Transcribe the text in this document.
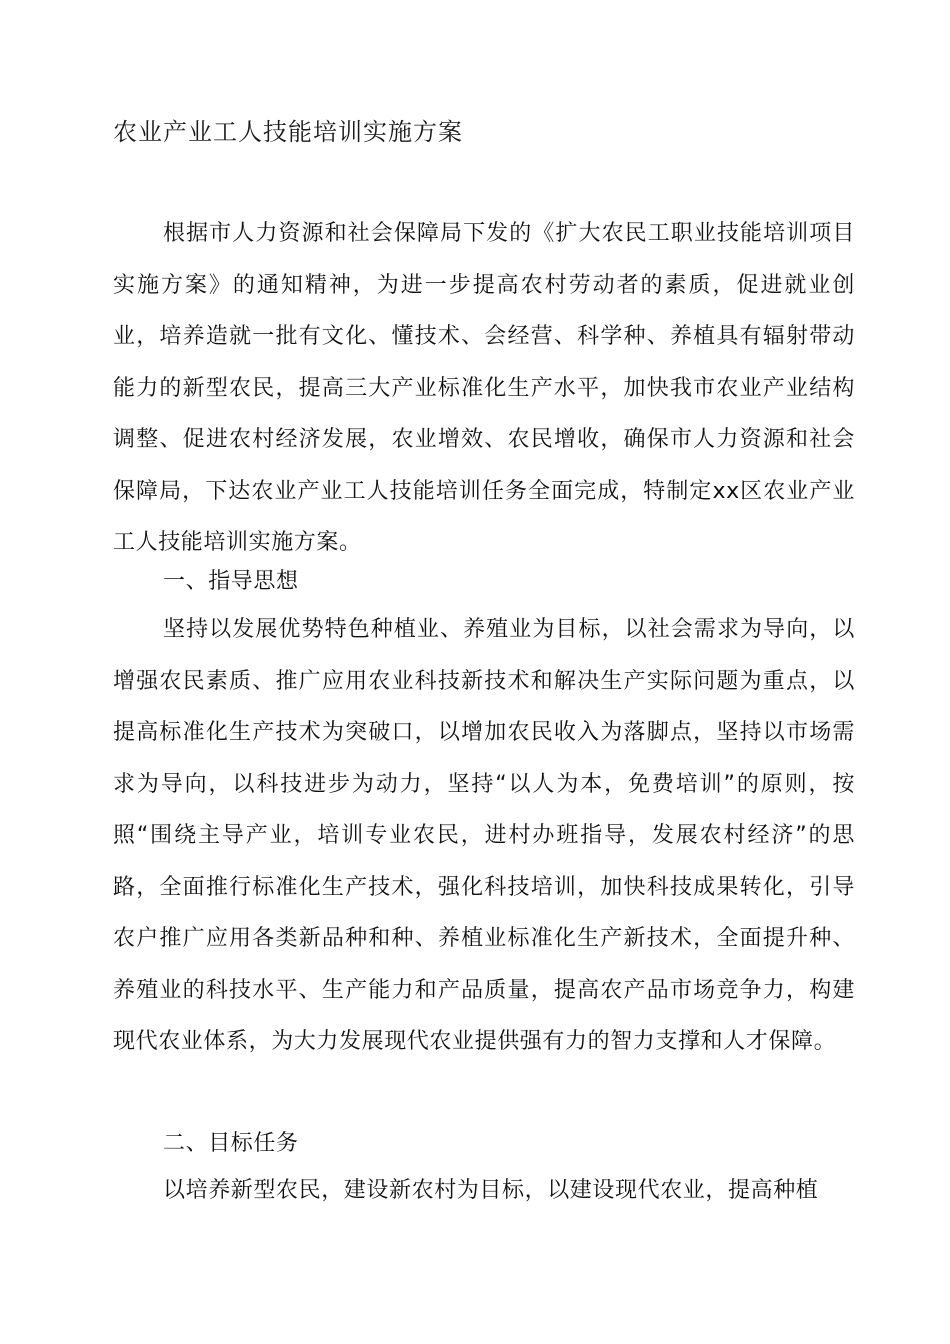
农业产业工人技能培训实施方案

根据市人力资源和社会保障局下发的《扩大农民工职业技能培训项目实施方案》的通知精神，为进一步提高农村劳动者的素质，促进就业创业，培养造就一批有文化、懂技术、会经营、科学种、养植具有辐射带动能力的新型农民，提高三大产业标准化生产水平，加快我市农业产业结构调整、促进农村经济发展，农业增效、农民增收，确保市人力资源和社会保障局，下达农业产业工人技能培训任务全面完成，特制定xx区农业产业工人技能培训实施方案。

一、指导思想

坚持以发展优势特色种植业、养殖业为目标，以社会需求为导向，以增强农民素质、推广应用农业科技新技术和解决生产实际问题为重点，以提高标准化生产技术为突破口，以增加农民收入为落脚点，坚持以市场需求为导向，以科技进步为动力，坚持“以人为本，免费培训”的原则，按照“围绕主导产业，培训专业农民，进村办班指导，发展农村经济”的思路，全面推行标准化生产技术，强化科技培训，加快科技成果转化，引导农户推广应用各类新品种和种、养植业标准化生产新技术，全面提升种、养殖业的科技水平、生产能力和产品质量，提高农产品市场竞争力，构建现代农业体系，为大力发展现代农业提供强有力的智力支撑和人才保障。

二、目标任务

以培养新型农民，建设新农村为目标，以建设现代农业，提高种植
